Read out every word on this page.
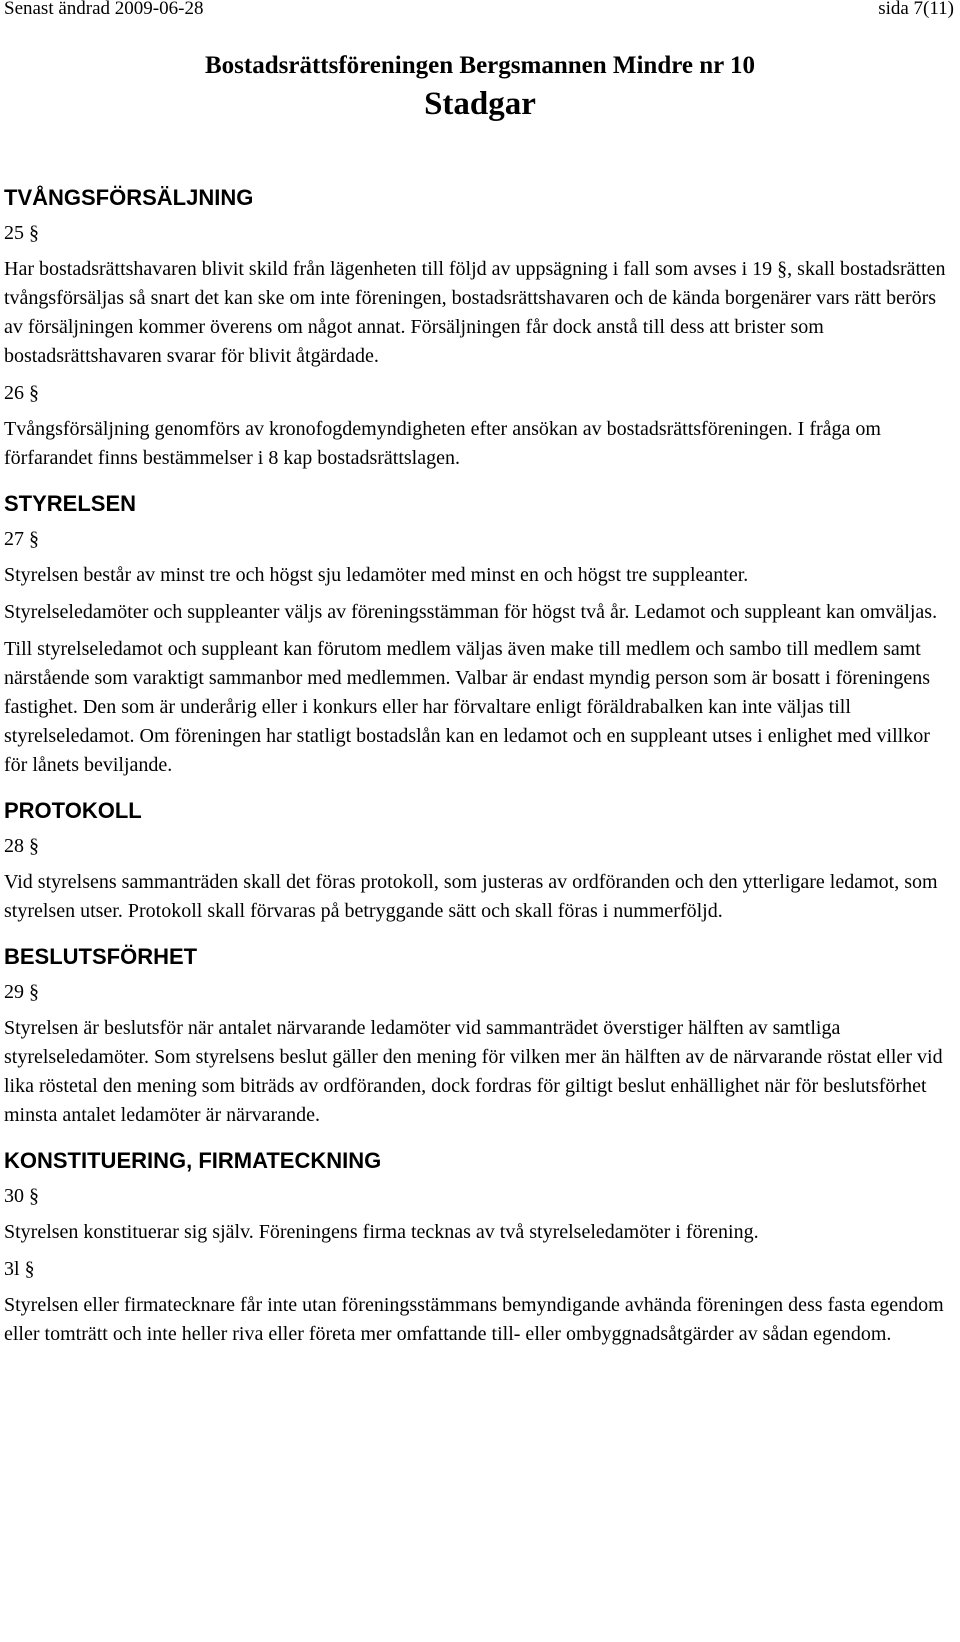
Senast ändrad 2009-06-28	sida 7(11)
Bostadsrättsföreningen Bergsmannen Mindre nr 10
Stadgar
TVÅNGSFÖRSÄLJNING
25 §

Har bostadsrättshavaren blivit skild från lägenheten till följd av uppsägning i fall som avses i 19 §, skall bostadsrätten tvångsförsäljas så snart det kan ske om inte föreningen, bostadsrättshavaren och de kända borgenärer vars rätt berörs av försäljningen kommer överens om något annat. Försäljningen får dock anstå till dess att brister som bostadsrättshavaren svarar för blivit åtgärdade.

26 §

Tvångsförsäljning genomförs av kronofogdemyndigheten efter ansökan av bostadsrättsföreningen. I fråga om förfarandet finns bestämmelser i 8 kap bostadsrättslagen.

STYRELSEN
27 §

Styrelsen består av minst tre och högst sju ledamöter med minst en och högst tre suppleanter.

Styrelseledamöter och suppleanter väljs av föreningsstämman för högst två år. Ledamot och suppleant kan omväljas.

Till styrelseledamot och suppleant kan förutom medlem väljas även make till medlem och sambo till medlem samt närstående som varaktigt sammanbor med medlemmen. Valbar är endast myndig person som är bosatt i föreningens fastighet. Den som är underårig eller i konkurs eller har förvaltare enligt föräldrabalken kan inte väljas till styrelseledamot. Om föreningen har statligt bostadslån kan en ledamot och en suppleant utses i enlighet med villkor för lånets beviljande.

PROTOKOLL
28 §

Vid styrelsens sammanträden skall det föras protokoll, som justeras av ordföranden och den ytterligare ledamot, som styrelsen utser. Protokoll skall förvaras på betryggande sätt och skall föras i nummerföljd.

BESLUTSFÖRHET
29 §

Styrelsen är beslutsför när antalet närvarande ledamöter vid sammanträdet överstiger hälften av samtliga styrelseledamöter. Som styrelsens beslut gäller den mening för vilken mer än hälften av de närvarande röstat eller vid lika röstetal den mening som biträds av ordföranden, dock fordras för giltigt beslut enhällighet när för beslutsförhet minsta antalet ledamöter är närvarande.

KONSTITUERING, FIRMATECKNING
30 §

Styrelsen konstituerar sig själv. Föreningens firma tecknas av två styrelseledamöter i förening.

3l §

Styrelsen eller firmatecknare får inte utan föreningsstämmans bemyndigande avhända föreningen dess fasta egendom eller tomträtt och inte heller riva eller företa mer omfattande till- eller ombyggnadsåtgärder av sådan egendom.
